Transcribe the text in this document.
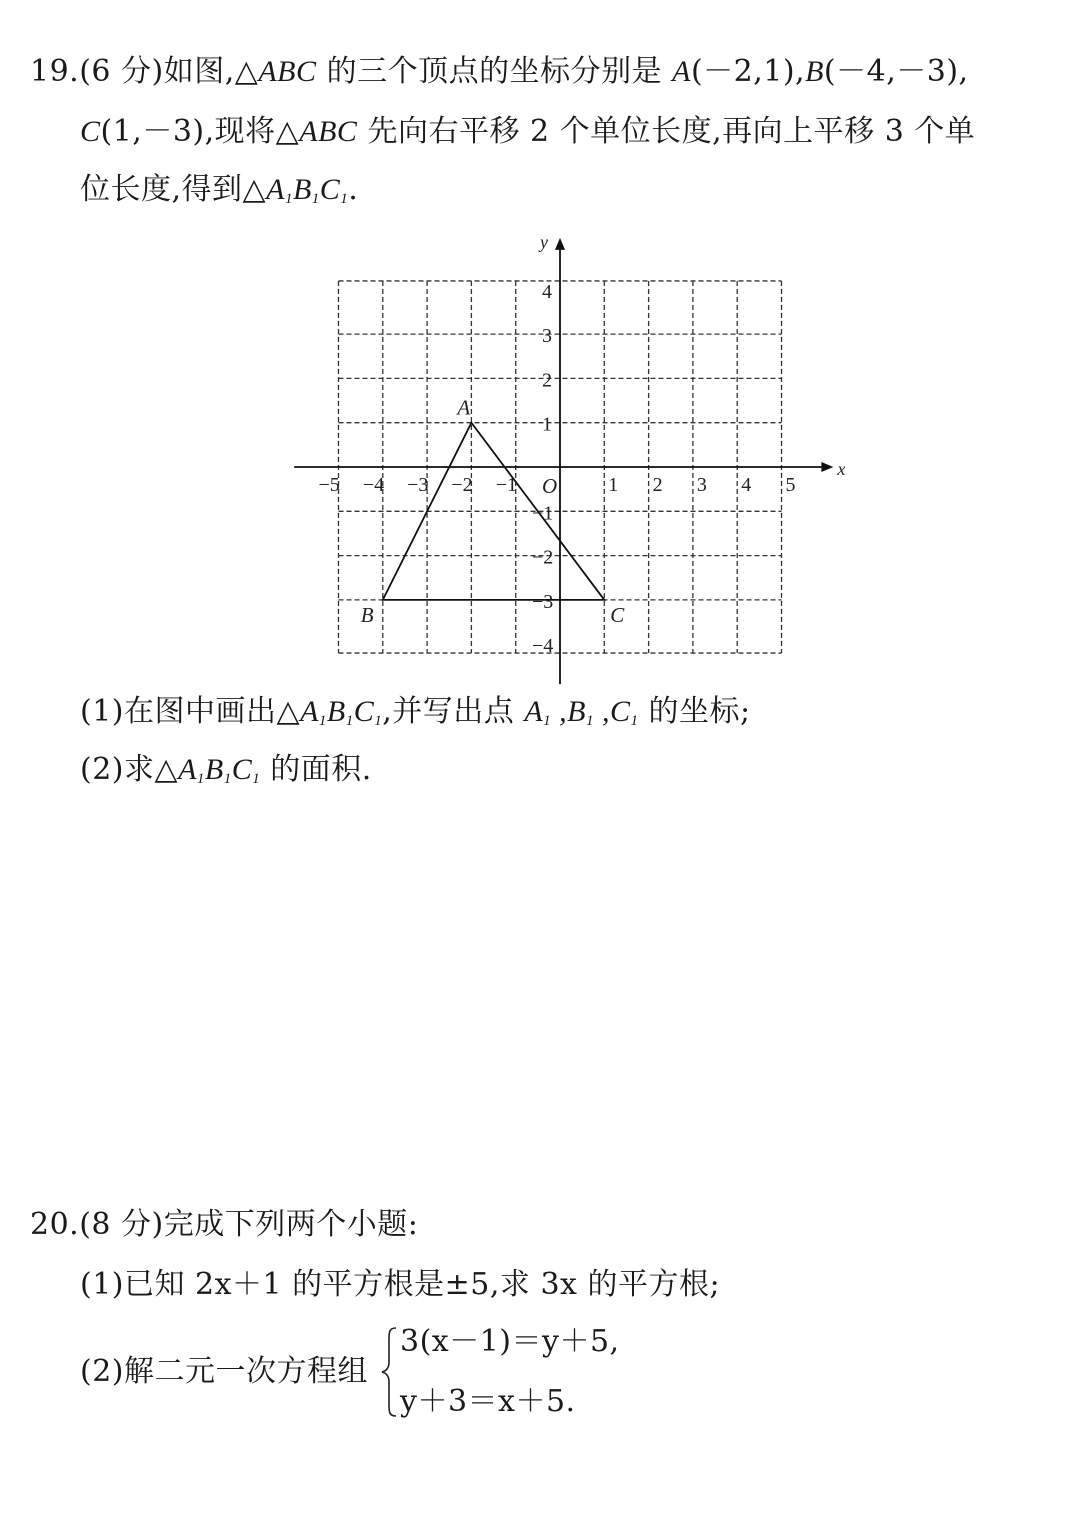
19.(6 分)如图,△ABC 的三个顶点的坐标分别是 A(－2,1),B(－4,－3),
C(1,－3),现将△ABC 先向右平移 2 个单位长度,再向上平移 3 个单
位长度,得到$\triangle A_1B_1C_1$.
x
y
O
−5 −4 −3 −2 −1	1 2 3 4 5
4
3
2
1
−1
−2
−3
−4
A
B	C
(1)在图中画出$\triangle A_1B_1C_1$,并写出点 $A_1$ $,B_1$ $,C_1$ 的坐标;
(2)求$\triangle A_1B_1C_1$ 的面积.
20.(8 分)完成下列两个小题:
(1)已知 2x＋1 的平方根是±5,求 3x 的平方根;
(2)解二元一次方程组
3(x－1)＝y＋5,
y＋3＝x＋5.
